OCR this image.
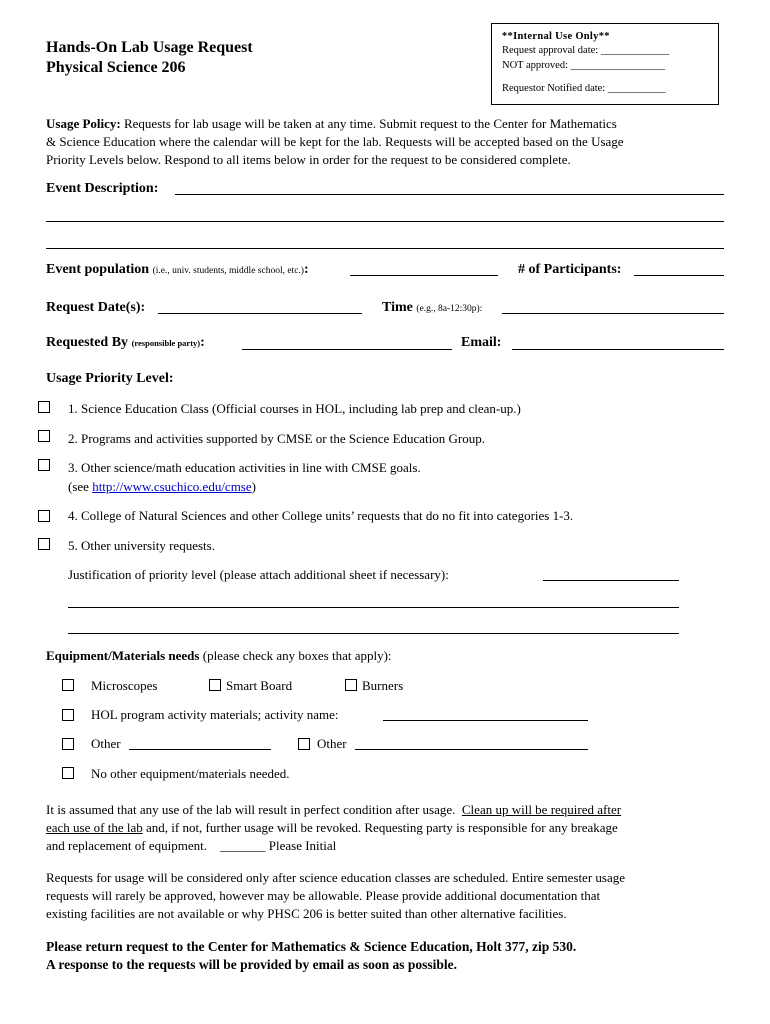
Hands-On Lab Usage Request
Physical Science 206
**Internal Use Only**
Request approval date: _____________
NOT approved: __________________
Requestor Notified date: ___________
Usage Policy: Requests for lab usage will be taken at any time. Submit request to the Center for Mathematics
& Science Education where the calendar will be kept for the lab. Requests will be accepted based on the Usage
Priority Levels below. Respond to all items below in order for the request to be considered complete.
Event Description:
Event population (i.e., univ. students, middle school, etc.):	# of Participants:
Request Date(s):	Time (e.g., 8a-12:30p):
Requested By (responsible party):	Email:
Usage Priority Level:
1. Science Education Class (Official courses in HOL, including lab prep and clean-up.)
2. Programs and activities supported by CMSE or the Science Education Group.
3. Other science/math education activities in line with CMSE goals.
(see http://www.csuchico.edu/cmse)
4. College of Natural Sciences and other College units’ requests that do no fit into categories 1-3.
5. Other university requests.
Justification of priority level (please attach additional sheet if necessary):
Equipment/Materials needs (please check any boxes that apply):
Microscopes	Smart Board	Burners
HOL program activity materials; activity name:
Other	Other
No other equipment/materials needed.
It is assumed that any use of the lab will result in perfect condition after usage. Clean up will be required after
each use of the lab and, if not, further usage will be revoked. Requesting party is responsible for any breakage
and replacement of equipment. _______ Please Initial
Requests for usage will be considered only after science education classes are scheduled. Entire semester usage
requests will rarely be approved, however may be allowable. Please provide additional documentation that
existing facilities are not available or why PHSC 206 is better suited than other alternative facilities.
Please return request to the Center for Mathematics & Science Education, Holt 377, zip 530.
A response to the requests will be provided by email as soon as possible.
